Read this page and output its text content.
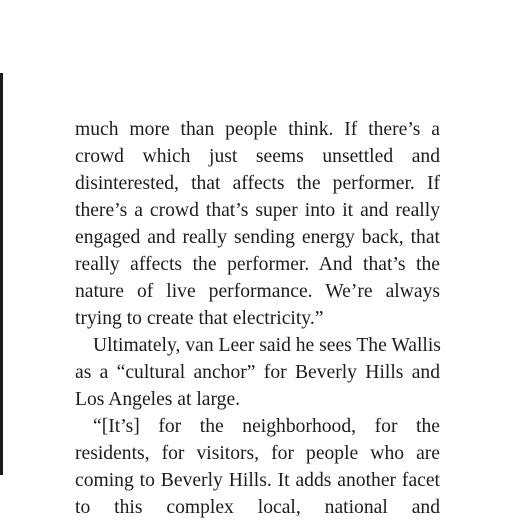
much more than people think. If there’s a
crowd which just seems unsettled and
disinterested, that affects the performer. If
there’s a crowd that’s super into it and really
engaged and really sending energy back, that
really affects the performer. And that’s the
nature of live performance. We’re always
trying to create that electricity.”
Ultimately, van Leer said he sees The Wallis
as a “cultural anchor” for Beverly Hills and
Los Angeles at large.
“[It’s] for the neighborhood, for the
residents, for visitors, for people who are
coming to Beverly Hills. It adds another facet
to this complex local, national and
